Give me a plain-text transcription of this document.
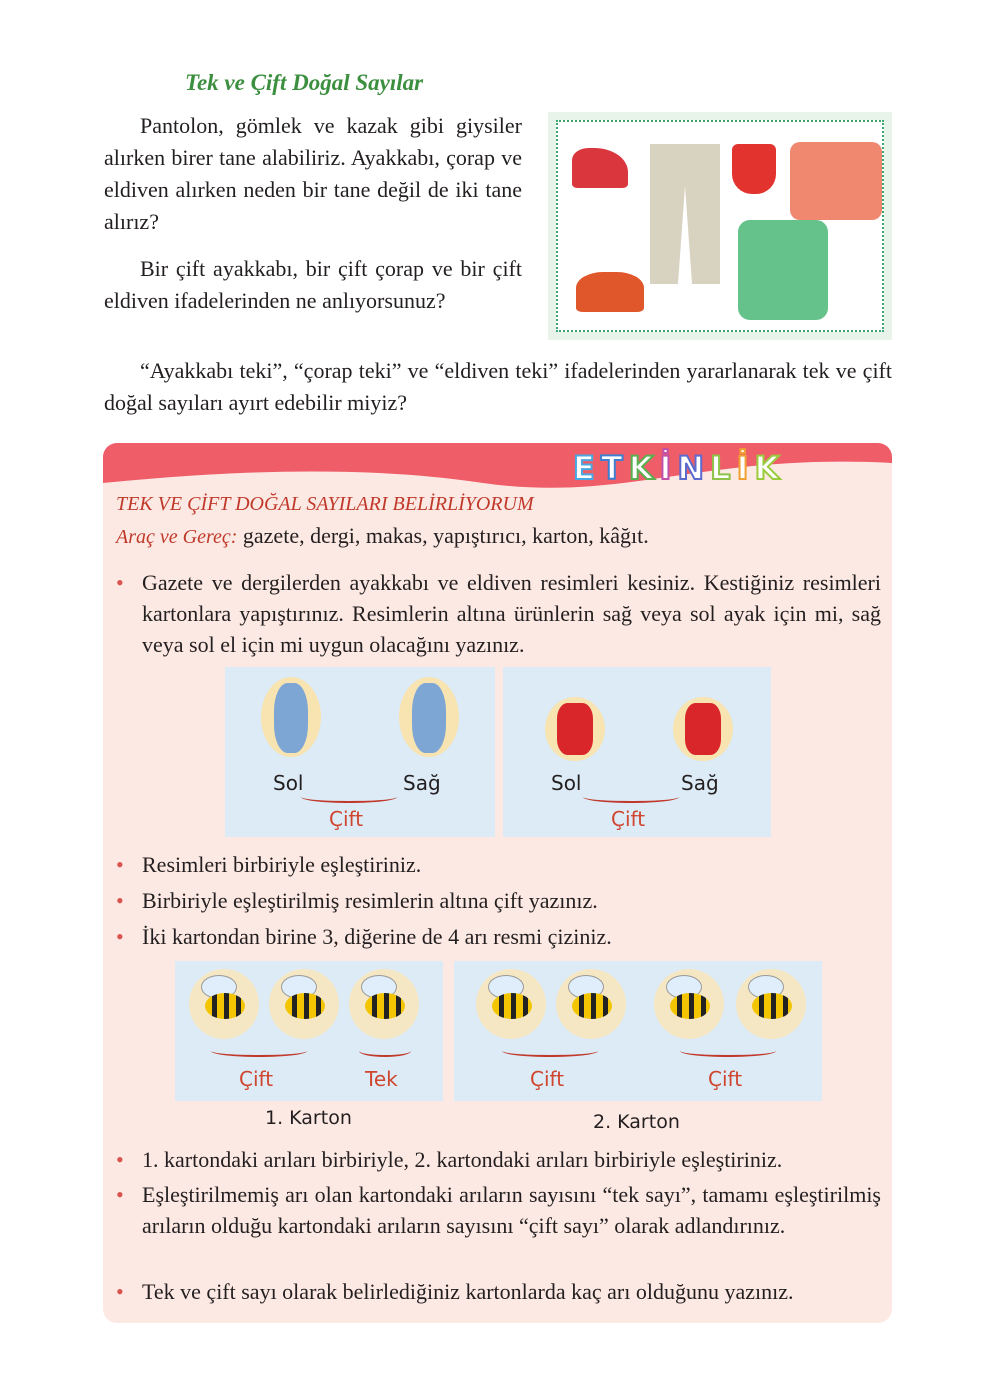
Tek ve Çift Doğal Sayılar
Pantolon, gömlek ve kazak gibi giysiler alırken birer tane alabiliriz. Ayakkabı, çorap ve eldiven alırken neden bir tane değil de iki tane alırız?
Bir çift ayakkabı, bir çift çorap ve bir çift eldiven ifadelerinden ne anlıyorsunuz?
“Ayakkabı teki”, “çorap teki” ve “eldiven teki” ifadelerinden yararlanarak tek ve çift doğal sayıları ayırt edebilir miyiz?
E T K İ N L İ K
TEK VE ÇİFT DOĞAL SAYILARI BELİRLİYORUM
Araç ve Gereç: gazete, dergi, makas, yapıştırıcı, karton, kâğıt.
• Gazete ve dergilerden ayakkabı ve eldiven resimleri kesiniz. Kestiğiniz resimleri kartonlara yapıştırınız. Resimlerin altına ürünlerin sağ veya sol ayak için mi, sağ veya sol el için mi uygun olacağını yazınız.
Sol	Sağ
Çift
Sol	Sağ
Çift
• Resimleri birbiriyle eşleştiriniz.
• Birbiriyle eşleştirilmiş resimlerin altına çift yazınız.
• İki kartondan birine 3, diğerine de 4 arı resmi çiziniz.
Çift	Tek
1. Karton
Çift	Çift
2. Karton
• 1. kartondaki arıları birbiriyle, 2. kartondaki arıları birbiriyle eşleştiriniz.
• Eşleştirilmemiş arı olan kartondaki arıların sayısını “tek sayı”, tamamı eşleştirilmiş arıların olduğu kartondaki arıların sayısını “çift sayı” olarak adlandırınız.
• Tek ve çift sayı olarak belirlediğiniz kartonlarda kaç arı olduğunu yazınız.
